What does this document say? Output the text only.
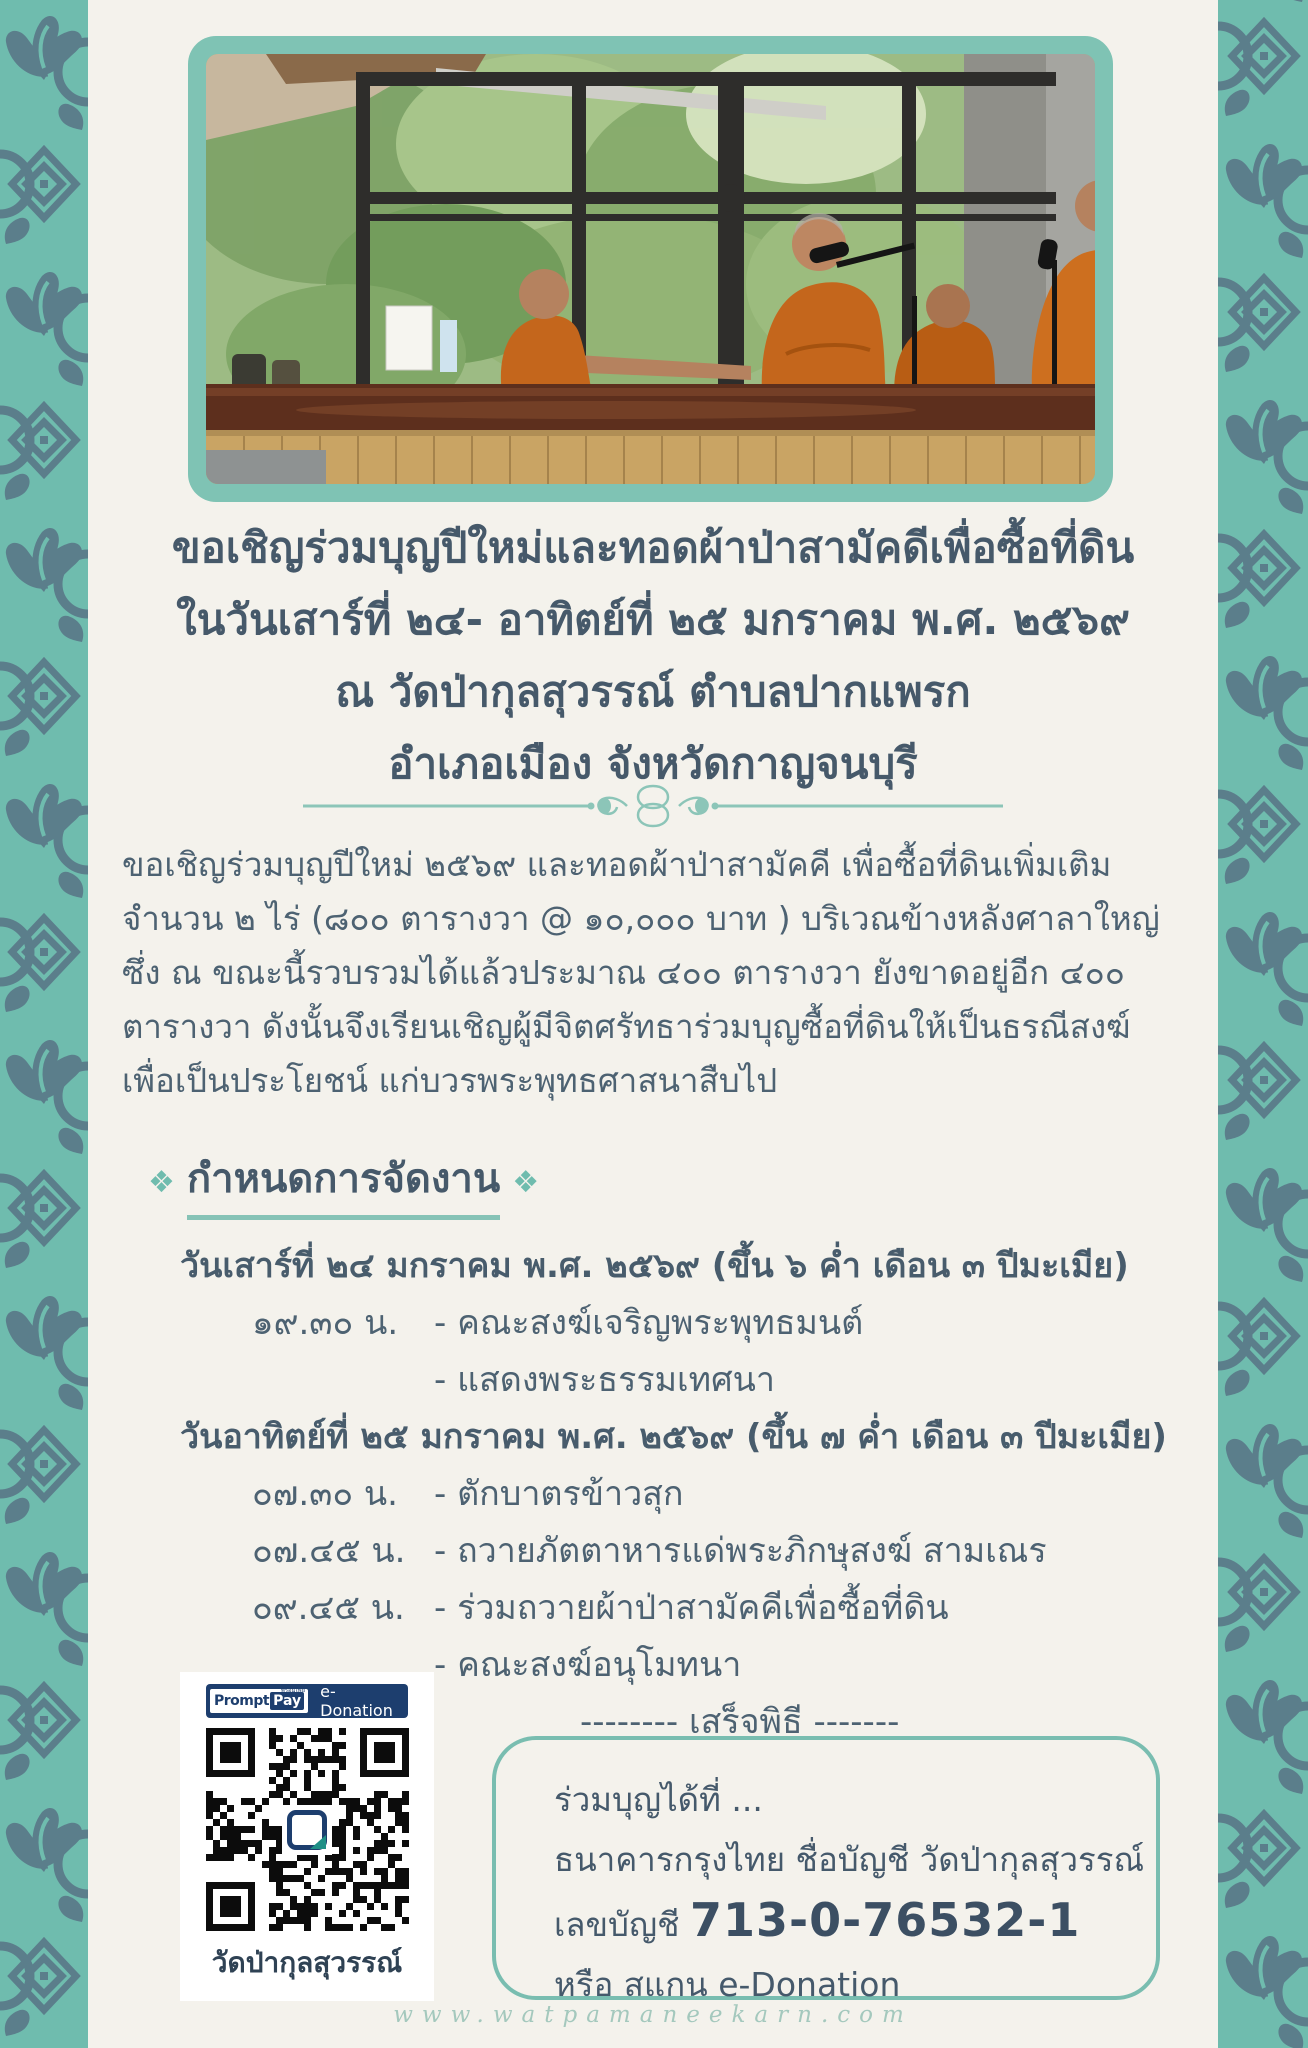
ขอเชิญร่วมบุญปีใหม่และทอดผ้าป่าสามัคดีเพื่อซื้อที่ดิน
ในวันเสาร์ที่ ๒๔- อาทิตย์ที่ ๒๕ มกราคม พ.ศ. ๒๕๖๙
ณ วัดป่ากุลสุวรรณ์ ตำบลปากแพรก
อำเภอเมือง จังหวัดกาญจนบุรี
ขอเชิญร่วมบุญปีใหม่ ๒๕๖๙ และทอดผ้าป่าสามัคคี เพื่อซื้อที่ดินเพิ่มเติม
จำนวน ๒ ไร่ (๘๐๐ ตารางวา @ ๑๐,๐๐๐ บาท ) บริเวณข้างหลังศาลาใหญ่
ซึ่ง ณ ขณะนี้รวบรวมได้แล้วประมาณ ๔๐๐ ตารางวา ยังขาดอยู่อีก ๔๐๐
ตารางวา ดังนั้นจึงเรียนเชิญผู้มีจิตศรัทธาร่วมบุญซื้อที่ดินให้เป็นธรณีสงฆ์
เพื่อเป็นประโยชน์ แก่บวรพระพุทธศาสนาสืบไป
❖ กำหนดการจัดงาน ❖
วันเสาร์ที่ ๒๔ มกราคม พ.ศ. ๒๕๖๙ (ขึ้น ๖ ค่ำ เดือน ๓ ปีมะเมีย)
๑๙.๓๐ น. - คณะสงฆ์เจริญพระพุทธมนต์
- แสดงพระธรรมเทศนา
วันอาทิตย์ที่ ๒๕ มกราคม พ.ศ. ๒๕๖๙ (ขึ้น ๗ ค่ำ เดือน ๓ ปีมะเมีย)
๐๗.๓๐ น. - ตักบาตรข้าวสุก
๐๗.๔๕ น. - ถวายภัตตาหารแด่พระภิกษุสงฆ์ สามเณร
๐๙.๔๕ น. - ร่วมถวายผ้าป่าสามัคคีเพื่อซื้อที่ดิน
- คณะสงฆ์อนุโมทนา
-------- เสร็จพิธี -------
พร้อมเพย์
Prompt Pay e-Donation
วัดป่ากุลสุวรรณ์
ร่วมบุญได้ที่ ...
ธนาคารกรุงไทย ชื่อบัญชี วัดป่ากุลสุวรรณ์
เลขบัญชี 713-0-76532-1
หรือ สแกน e-Donation
www.watpamaneekarn.com
